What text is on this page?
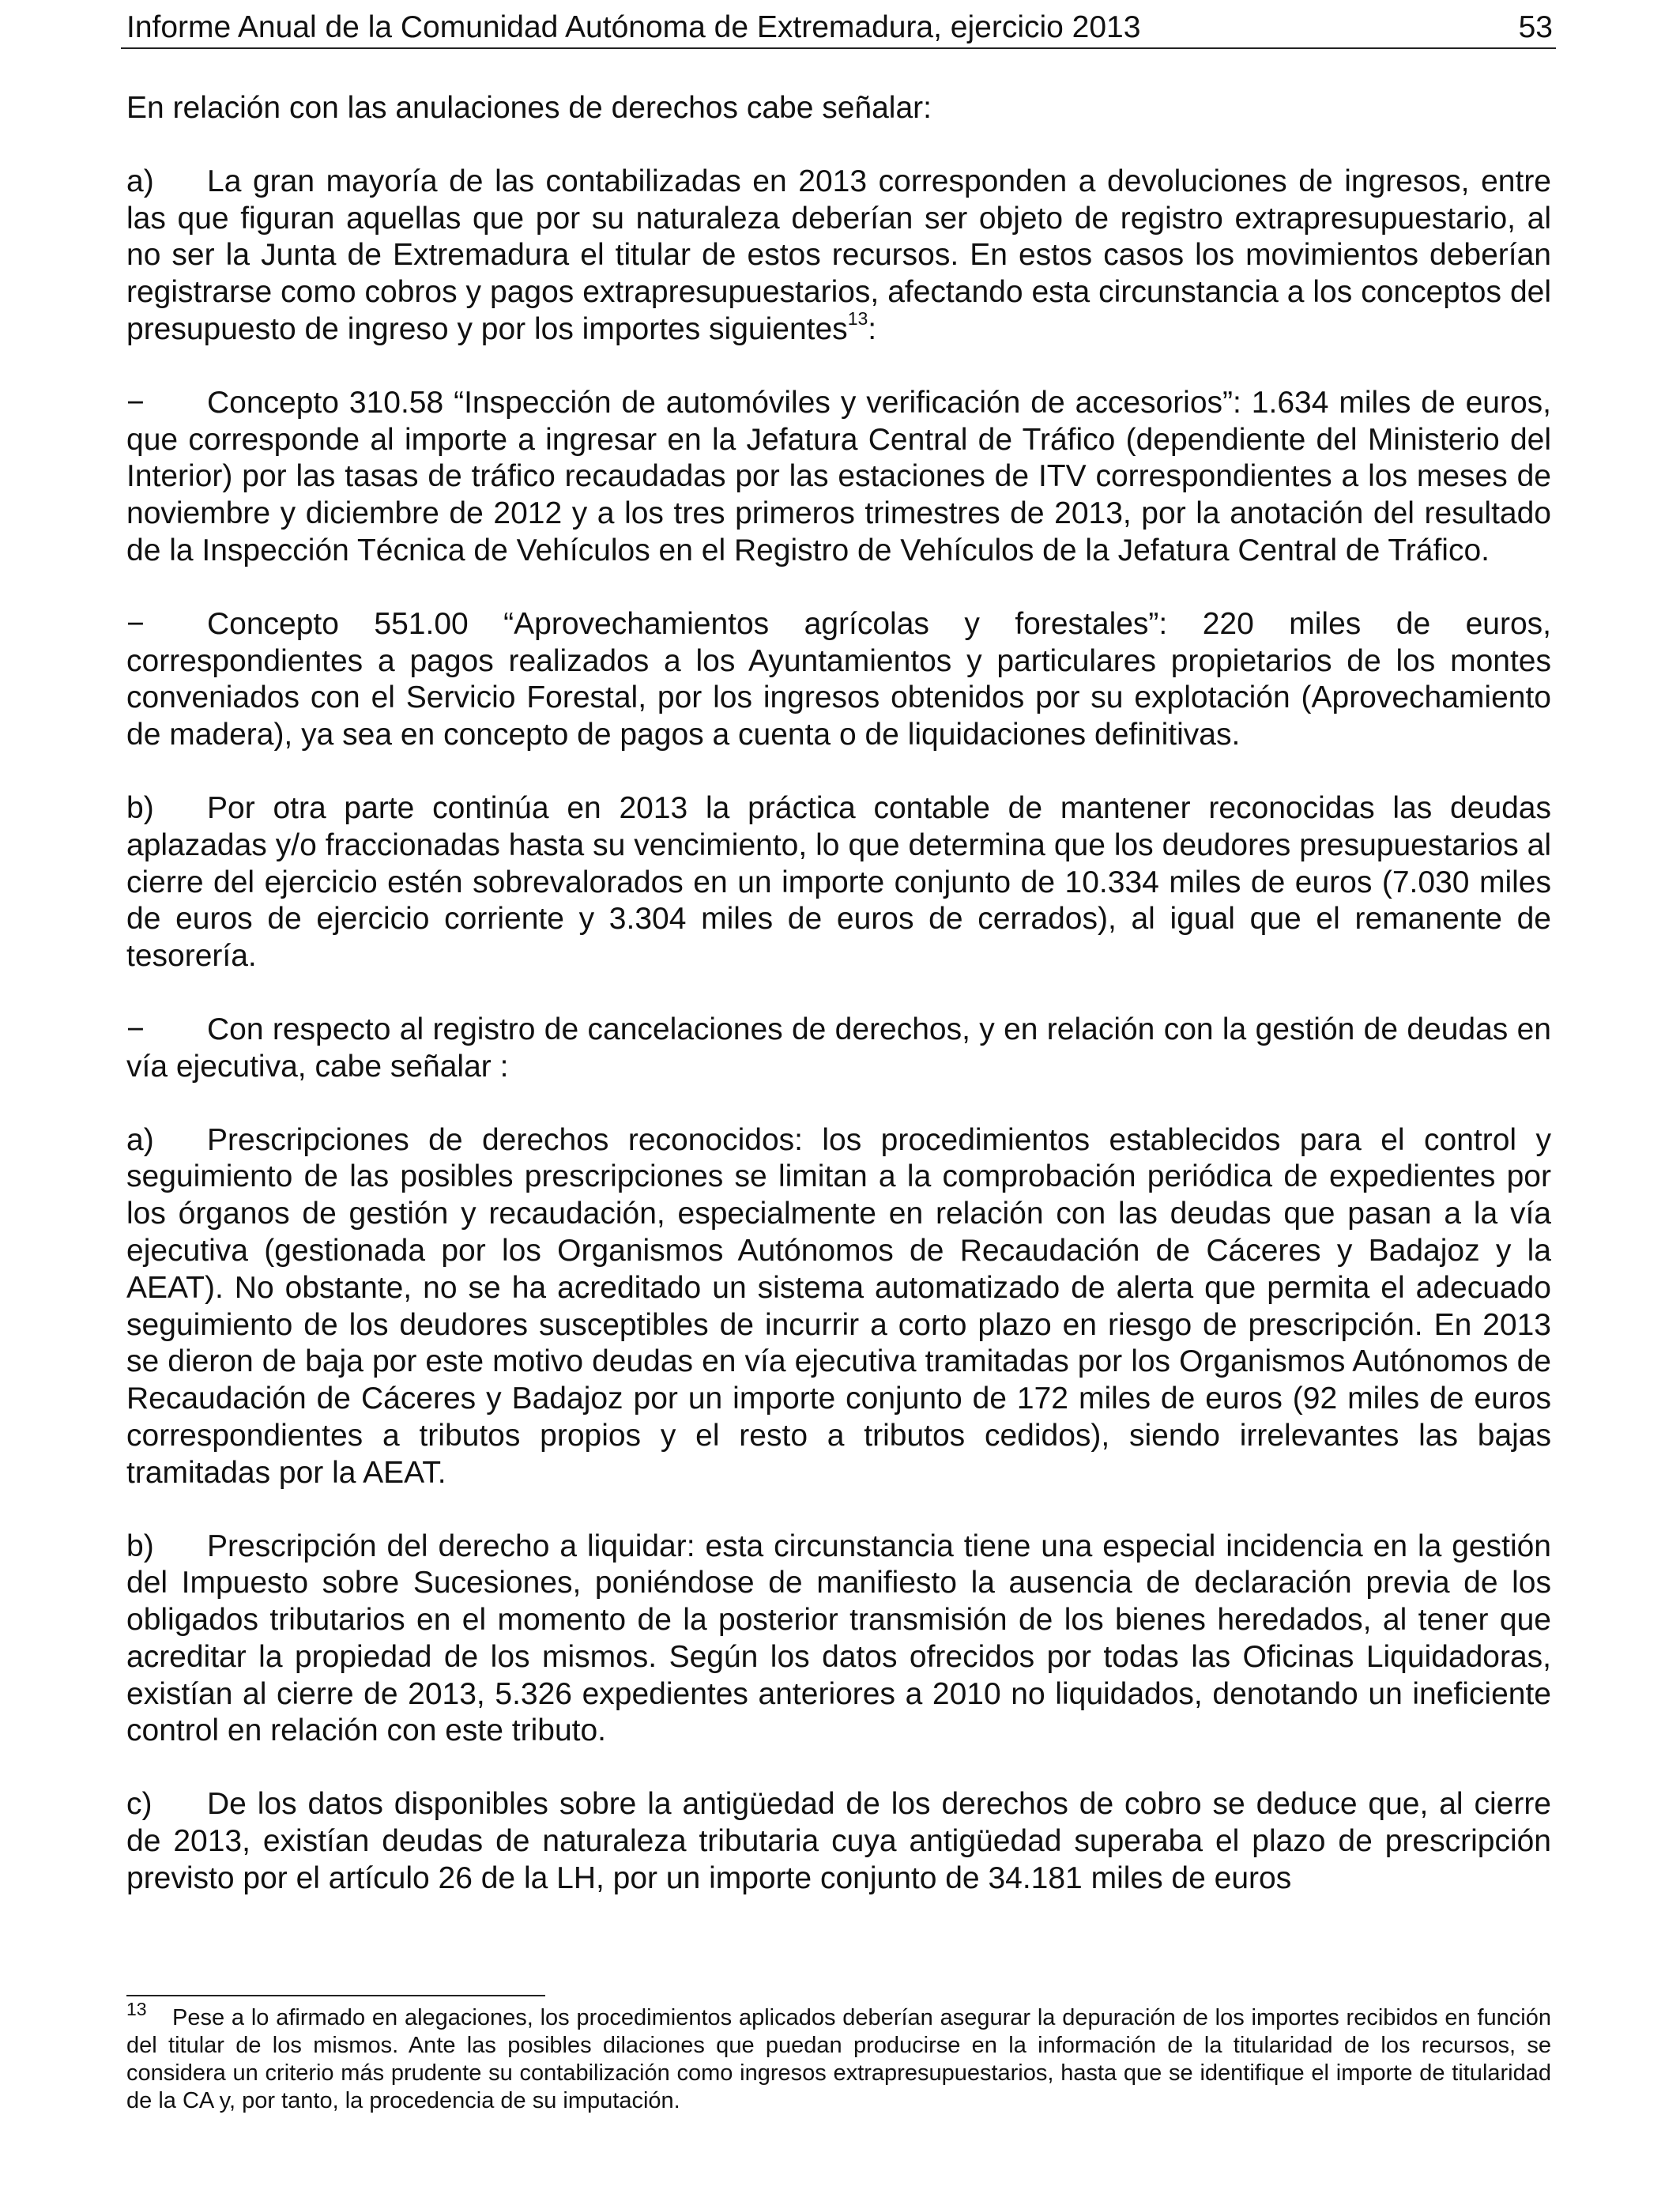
Informe Anual de la Comunidad Autónoma de Extremadura, ejercicio 2013	53

En relación con las anulaciones de derechos cabe señalar:

a) La gran mayoría de las contabilizadas en 2013 corresponden a devoluciones de ingresos, entre las que figuran aquellas que por su naturaleza deberían ser objeto de registro extrapresupuestario, al no ser la Junta de Extremadura el titular de estos recursos. En estos casos los movimientos deberían registrarse como cobros y pagos extrapresupuestarios, afectando esta circunstancia a los conceptos del presupuesto de ingreso y por los importes siguientes$^{13}$:

− Concepto 310.58 “Inspección de automóviles y verificación de accesorios”: 1.634 miles de euros, que corresponde al importe a ingresar en la Jefatura Central de Tráfico (dependiente del Ministerio del Interior) por las tasas de tráfico recaudadas por las estaciones de ITV correspondientes a los meses de noviembre y diciembre de 2012 y a los tres primeros trimestres de 2013, por la anotación del resultado de la Inspección Técnica de Vehículos en el Registro de Vehículos de la Jefatura Central de Tráfico.

− Concepto 551.00 “Aprovechamientos agrícolas y forestales”: 220 miles de euros, correspondientes a pagos realizados a los Ayuntamientos y particulares propietarios de los montes conveniados con el Servicio Forestal, por los ingresos obtenidos por su explotación (Aprovechamiento de madera), ya sea en concepto de pagos a cuenta o de liquidaciones definitivas.

b) Por otra parte continúa en 2013 la práctica contable de mantener reconocidas las deudas aplazadas y/o fraccionadas hasta su vencimiento, lo que determina que los deudores presupuestarios al cierre del ejercicio estén sobrevalorados en un importe conjunto de 10.334 miles de euros (7.030 miles de euros de ejercicio corriente y 3.304 miles de euros de cerrados), al igual que el remanente de tesorería.

− Con respecto al registro de cancelaciones de derechos, y en relación con la gestión de deudas en vía ejecutiva, cabe señalar :

a) Prescripciones de derechos reconocidos: los procedimientos establecidos para el control y seguimiento de las posibles prescripciones se limitan a la comprobación periódica de expedientes por los órganos de gestión y recaudación, especialmente en relación con las deudas que pasan a la vía ejecutiva (gestionada por los Organismos Autónomos de Recaudación de Cáceres y Badajoz y la AEAT). No obstante, no se ha acreditado un sistema automatizado de alerta que permita el adecuado seguimiento de los deudores susceptibles de incurrir a corto plazo en riesgo de prescripción. En 2013 se dieron de baja por este motivo deudas en vía ejecutiva tramitadas por los Organismos Autónomos de Recaudación de Cáceres y Badajoz por un importe conjunto de 172 miles de euros (92 miles de euros correspondientes a tributos propios y el resto a tributos cedidos), siendo irrelevantes las bajas tramitadas por la AEAT.

b) Prescripción del derecho a liquidar: esta circunstancia tiene una especial incidencia en la gestión del Impuesto sobre Sucesiones, poniéndose de manifiesto la ausencia de declaración previa de los obligados tributarios en el momento de la posterior transmisión de los bienes heredados, al tener que acreditar la propiedad de los mismos. Según los datos ofrecidos por todas las Oficinas Liquidadoras, existían al cierre de 2013, 5.326 expedientes anteriores a 2010 no liquidados, denotando un ineficiente control en relación con este tributo.

c) De los datos disponibles sobre la antigüedad de los derechos de cobro se deduce que, al cierre de 2013, existían deudas de naturaleza tributaria cuya antigüedad superaba el plazo de prescripción previsto por el artículo 26 de la LH, por un importe conjunto de 34.181 miles de euros

13 Pese a lo afirmado en alegaciones, los procedimientos aplicados deberían asegurar la depuración de los importes recibidos en función del titular de los mismos. Ante las posibles dilaciones que puedan producirse en la información de la titularidad de los recursos, se considera un criterio más prudente su contabilización como ingresos extrapresupuestarios, hasta que se identifique el importe de titularidad de la CA y, por tanto, la procedencia de su imputación.
